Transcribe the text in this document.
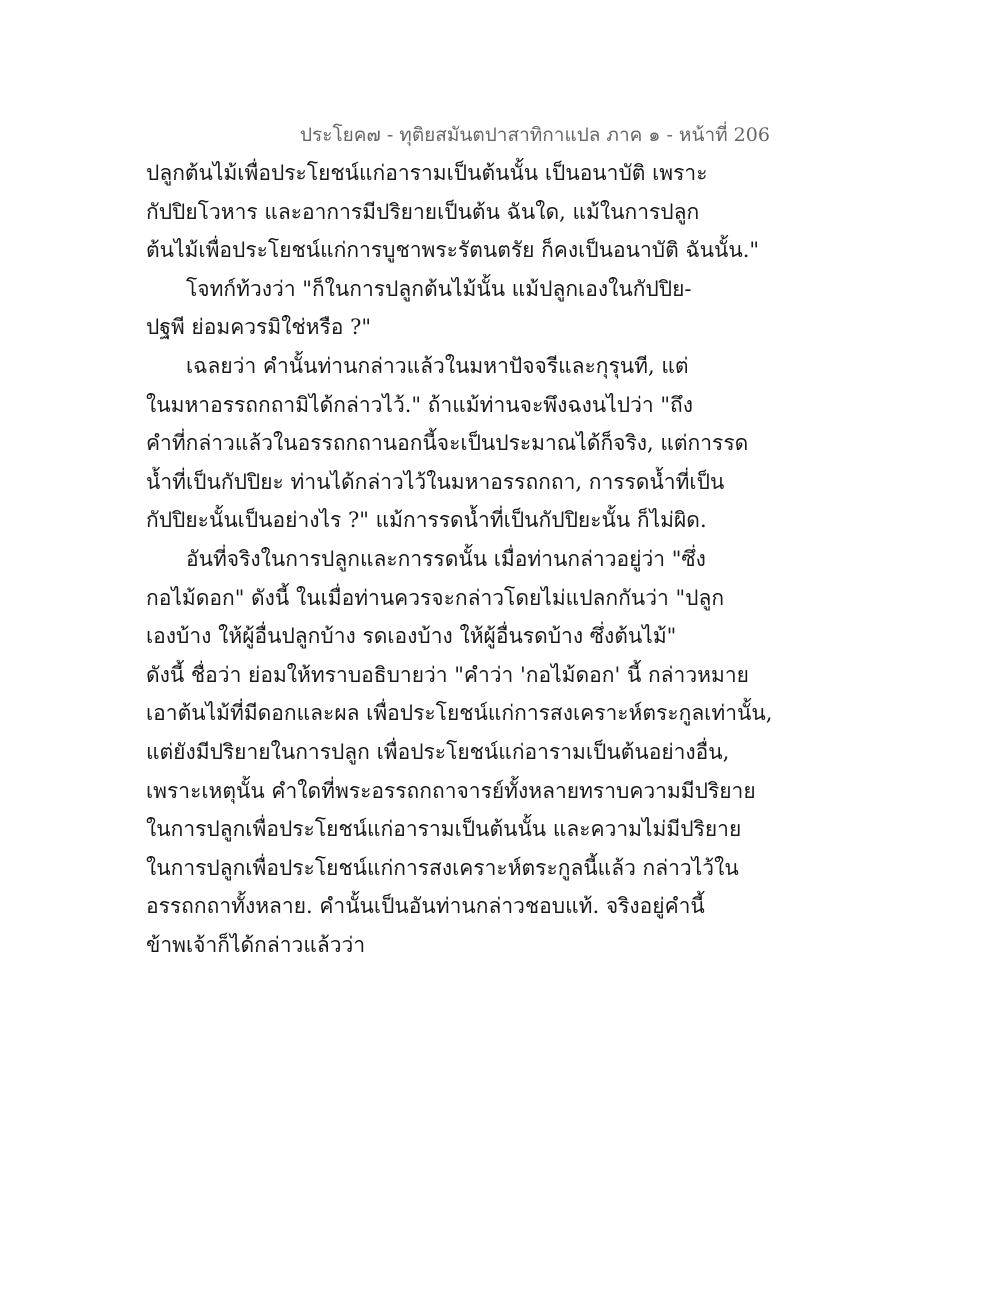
ประโยค๗ - ทุติยสมันตปาสาทิกาแปล ภาค ๑ - หน้าที่ 206
ปลูกต้นไม้เพื่อประโยชน์แก่อารามเป็นต้นนั้น เป็นอนาบัติ เพราะ
กัปปิยโวหาร และอาการมีปริยายเป็นต้น ฉันใด, แม้ในการปลูก
ต้นไม้เพื่อประโยชน์แก่การบูชาพระรัตนตรัย ก็คงเป็นอนาบัติ ฉันนั้น."
โจทก์ท้วงว่า "ก็ในการปลูกต้นไม้นั้น แม้ปลูกเองในกัปปิย-
ปฐพี ย่อมควรมิใช่หรือ ?"
เฉลยว่า คำนั้นท่านกล่าวแล้วในมหาปัจจรีและกุรุนที, แต่
ในมหาอรรถกถามิได้กล่าวไว้." ถ้าแม้ท่านจะพึงฉงนไปว่า "ถึง
คำที่กล่าวแล้วในอรรถกถานอกนี้จะเป็นประมาณได้ก็จริง, แต่การรด
น้ำที่เป็นกัปปิยะ ท่านได้กล่าวไว้ในมหาอรรถกถา, การรดน้ำที่เป็น
กัปปิยะนั้นเป็นอย่างไร ?" แม้การรดน้ำที่เป็นกัปปิยะนั้น ก็ไม่ผิด.
อันที่จริงในการปลูกและการรดนั้น เมื่อท่านกล่าวอยู่ว่า "ซึ่ง
กอไม้ดอก" ดังนี้ ในเมื่อท่านควรจะกล่าวโดยไม่แปลกกันว่า "ปลูก
เองบ้าง ให้ผู้อื่นปลูกบ้าง รดเองบ้าง ให้ผู้อื่นรดบ้าง ซึ่งต้นไม้"
ดังนี้ ชื่อว่า ย่อมให้ทราบอธิบายว่า "คำว่า 'กอไม้ดอก' นี้ กล่าวหมาย
เอาต้นไม้ที่มีดอกและผล เพื่อประโยชน์แก่การสงเคราะห์ตระกูลเท่านั้น,
แต่ยังมีปริยายในการปลูก เพื่อประโยชน์แก่อารามเป็นต้นอย่างอื่น,
เพราะเหตุนั้น คำใดที่พระอรรถกถาจารย์ทั้งหลายทราบความมีปริยาย
ในการปลูกเพื่อประโยชน์แก่อารามเป็นต้นนั้น และความไม่มีปริยาย
ในการปลูกเพื่อประโยชน์แก่การสงเคราะห์ตระกูลนี้แล้ว กล่าวไว้ใน
อรรถกถาทั้งหลาย. คำนั้นเป็นอันท่านกล่าวชอบแท้. จริงอยู่คำนี้
ข้าพเจ้าก็ได้กล่าวแล้วว่า
